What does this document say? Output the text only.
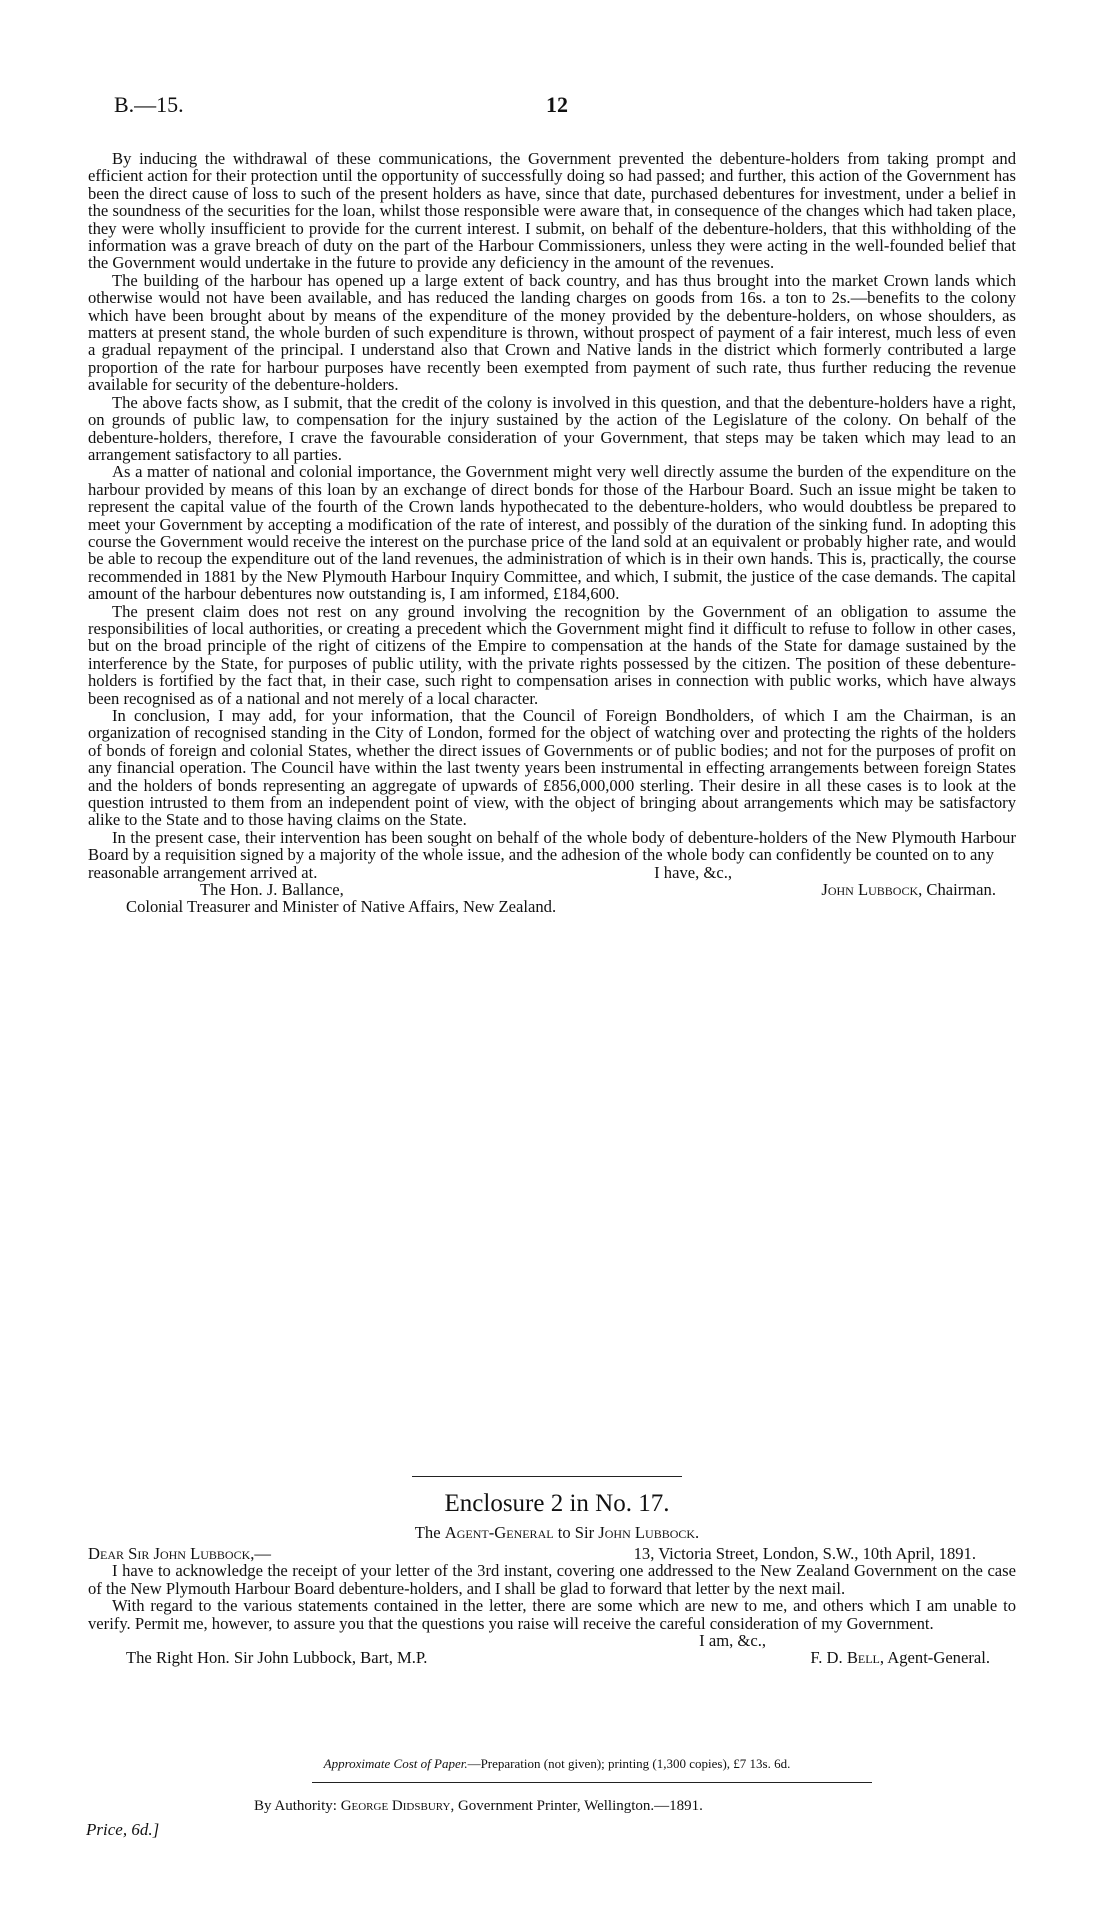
B.—15.	12

By inducing the withdrawal of these communications, the Government prevented the debenture-holders from taking prompt and efficient action for their protection until the opportunity of successfully doing so had passed; and further, this action of the Government has been the direct cause of loss to such of the present holders as have, since that date, purchased debentures for investment, under a belief in the soundness of the securities for the loan, whilst those responsible were aware that, in consequence of the changes which had taken place, they were wholly insufficient to provide for the current interest. I submit, on behalf of the debenture-holders, that this withholding of the information was a grave breach of duty on the part of the Harbour Commissioners, unless they were acting in the well-founded belief that the Government would undertake in the future to provide any deficiency in the amount of the revenues.

The building of the harbour has opened up a large extent of back country, and has thus brought into the market Crown lands which otherwise would not have been available, and has reduced the landing charges on goods from 16s. a ton to 2s.—benefits to the colony which have been brought about by means of the expenditure of the money provided by the debenture-holders, on whose shoulders, as matters at present stand, the whole burden of such expenditure is thrown, without prospect of payment of a fair interest, much less of even a gradual repayment of the principal. I understand also that Crown and Native lands in the district which formerly contributed a large proportion of the rate for harbour purposes have recently been exempted from payment of such rate, thus further reducing the revenue available for security of the debenture-holders.

The above facts show, as I submit, that the credit of the colony is involved in this question, and that the debenture-holders have a right, on grounds of public law, to compensation for the injury sustained by the action of the Legislature of the colony. On behalf of the debenture-holders, therefore, I crave the favourable consideration of your Government, that steps may be taken which may lead to an arrangement satisfactory to all parties.

As a matter of national and colonial importance, the Government might very well directly assume the burden of the expenditure on the harbour provided by means of this loan by an exchange of direct bonds for those of the Harbour Board. Such an issue might be taken to represent the capital value of the fourth of the Crown lands hypothecated to the debenture-holders, who would doubtless be prepared to meet your Government by accepting a modification of the rate of interest, and possibly of the duration of the sinking fund. In adopting this course the Government would receive the interest on the purchase price of the land sold at an equivalent or probably higher rate, and would be able to recoup the expenditure out of the land revenues, the administration of which is in their own hands. This is, practically, the course recommended in 1881 by the New Plymouth Harbour Inquiry Committee, and which, I submit, the justice of the case demands. The capital amount of the harbour debentures now outstanding is, I am informed, £184,600.

The present claim does not rest on any ground involving the recognition by the Government of an obligation to assume the responsibilities of local authorities, or creating a precedent which the Government might find it difficult to refuse to follow in other cases, but on the broad principle of the right of citizens of the Empire to compensation at the hands of the State for damage sustained by the interference by the State, for purposes of public utility, with the private rights possessed by the citizen. The position of these debenture-holders is fortified by the fact that, in their case, such right to compensation arises in connection with public works, which have always been recognised as of a national and not merely of a local character.

In conclusion, I may add, for your information, that the Council of Foreign Bondholders, of which I am the Chairman, is an organization of recognised standing in the City of London, formed for the object of watching over and protecting the rights of the holders of bonds of foreign and colonial States, whether the direct issues of Governments or of public bodies; and not for the purposes of profit on any financial operation. The Council have within the last twenty years been instrumental in effecting arrangements between foreign States and the holders of bonds representing an aggregate of upwards of £856,000,000 sterling. Their desire in all these cases is to look at the question intrusted to them from an independent point of view, with the object of bringing about arrangements which may be satisfactory alike to the State and to those having claims on the State.

In the present case, their intervention has been sought on behalf of the whole body of debenture-holders of the New Plymouth Harbour Board by a requisition signed by a majority of the whole issue, and the adhesion of the whole body can confidently be counted on to any

reasonable arrangement arrived at.	I have, &c.,
The Hon. J. Ballance,	John Lubbock, Chairman.
Colonial Treasurer and Minister of Native Affairs, New Zealand.
Enclosure 2 in No. 17.
The Agent-General to Sir John Lubbock.
Dear Sir John Lubbock,—	13, Victoria Street, London, S.W., 10th April, 1891.

I have to acknowledge the receipt of your letter of the 3rd instant, covering one addressed to the New Zealand Government on the case of the New Plymouth Harbour Board debenture-holders, and I shall be glad to forward that letter by the next mail.

With regard to the various statements contained in the letter, there are some which are new to me, and others which I am unable to verify. Permit me, however, to assure you that the questions you raise will receive the careful consideration of my Government.

I am, &c.,
The Right Hon. Sir John Lubbock, Bart, M.P.	F. D. Bell, Agent-General.
Approximate Cost of Paper.—Preparation (not given); printing (1,300 copies), £7 13s. 6d.
By Authority: George Didsbury, Government Printer, Wellington.—1891.
Price, 6d.]
